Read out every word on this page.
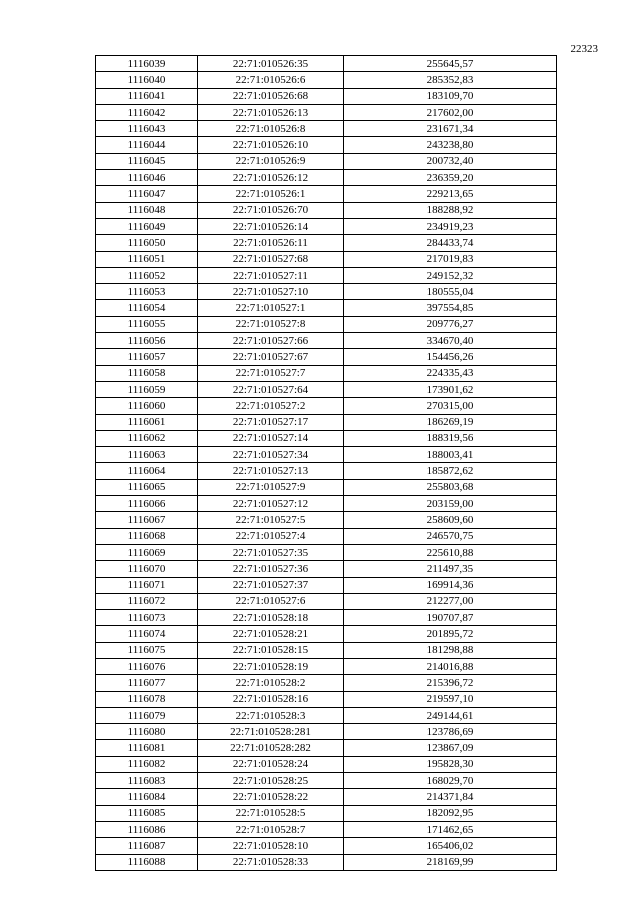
22323
1116039	22:71:010526:35	255645,57
1116040	22:71:010526:6	285352,83
1116041	22:71:010526:68	183109,70
1116042	22:71:010526:13	217602,00
1116043	22:71:010526:8	231671,34
1116044	22:71:010526:10	243238,80
1116045	22:71:010526:9	200732,40
1116046	22:71:010526:12	236359,20
1116047	22:71:010526:1	229213,65
1116048	22:71:010526:70	188288,92
1116049	22:71:010526:14	234919,23
1116050	22:71:010526:11	284433,74
1116051	22:71:010527:68	217019,83
1116052	22:71:010527:11	249152,32
1116053	22:71:010527:10	180555,04
1116054	22:71:010527:1	397554,85
1116055	22:71:010527:8	209776,27
1116056	22:71:010527:66	334670,40
1116057	22:71:010527:67	154456,26
1116058	22:71:010527:7	224335,43
1116059	22:71:010527:64	173901,62
1116060	22:71:010527:2	270315,00
1116061	22:71:010527:17	186269,19
1116062	22:71:010527:14	188319,56
1116063	22:71:010527:34	188003,41
1116064	22:71:010527:13	185872,62
1116065	22:71:010527:9	255803,68
1116066	22:71:010527:12	203159,00
1116067	22:71:010527:5	258609,60
1116068	22:71:010527:4	246570,75
1116069	22:71:010527:35	225610,88
1116070	22:71:010527:36	211497,35
1116071	22:71:010527:37	169914,36
1116072	22:71:010527:6	212277,00
1116073	22:71:010528:18	190707,87
1116074	22:71:010528:21	201895,72
1116075	22:71:010528:15	181298,88
1116076	22:71:010528:19	214016,88
1116077	22:71:010528:2	215396,72
1116078	22:71:010528:16	219597,10
1116079	22:71:010528:3	249144,61
1116080	22:71:010528:281	123786,69
1116081	22:71:010528:282	123867,09
1116082	22:71:010528:24	195828,30
1116083	22:71:010528:25	168029,70
1116084	22:71:010528:22	214371,84
1116085	22:71:010528:5	182092,95
1116086	22:71:010528:7	171462,65
1116087	22:71:010528:10	165406,02
1116088	22:71:010528:33	218169,99
